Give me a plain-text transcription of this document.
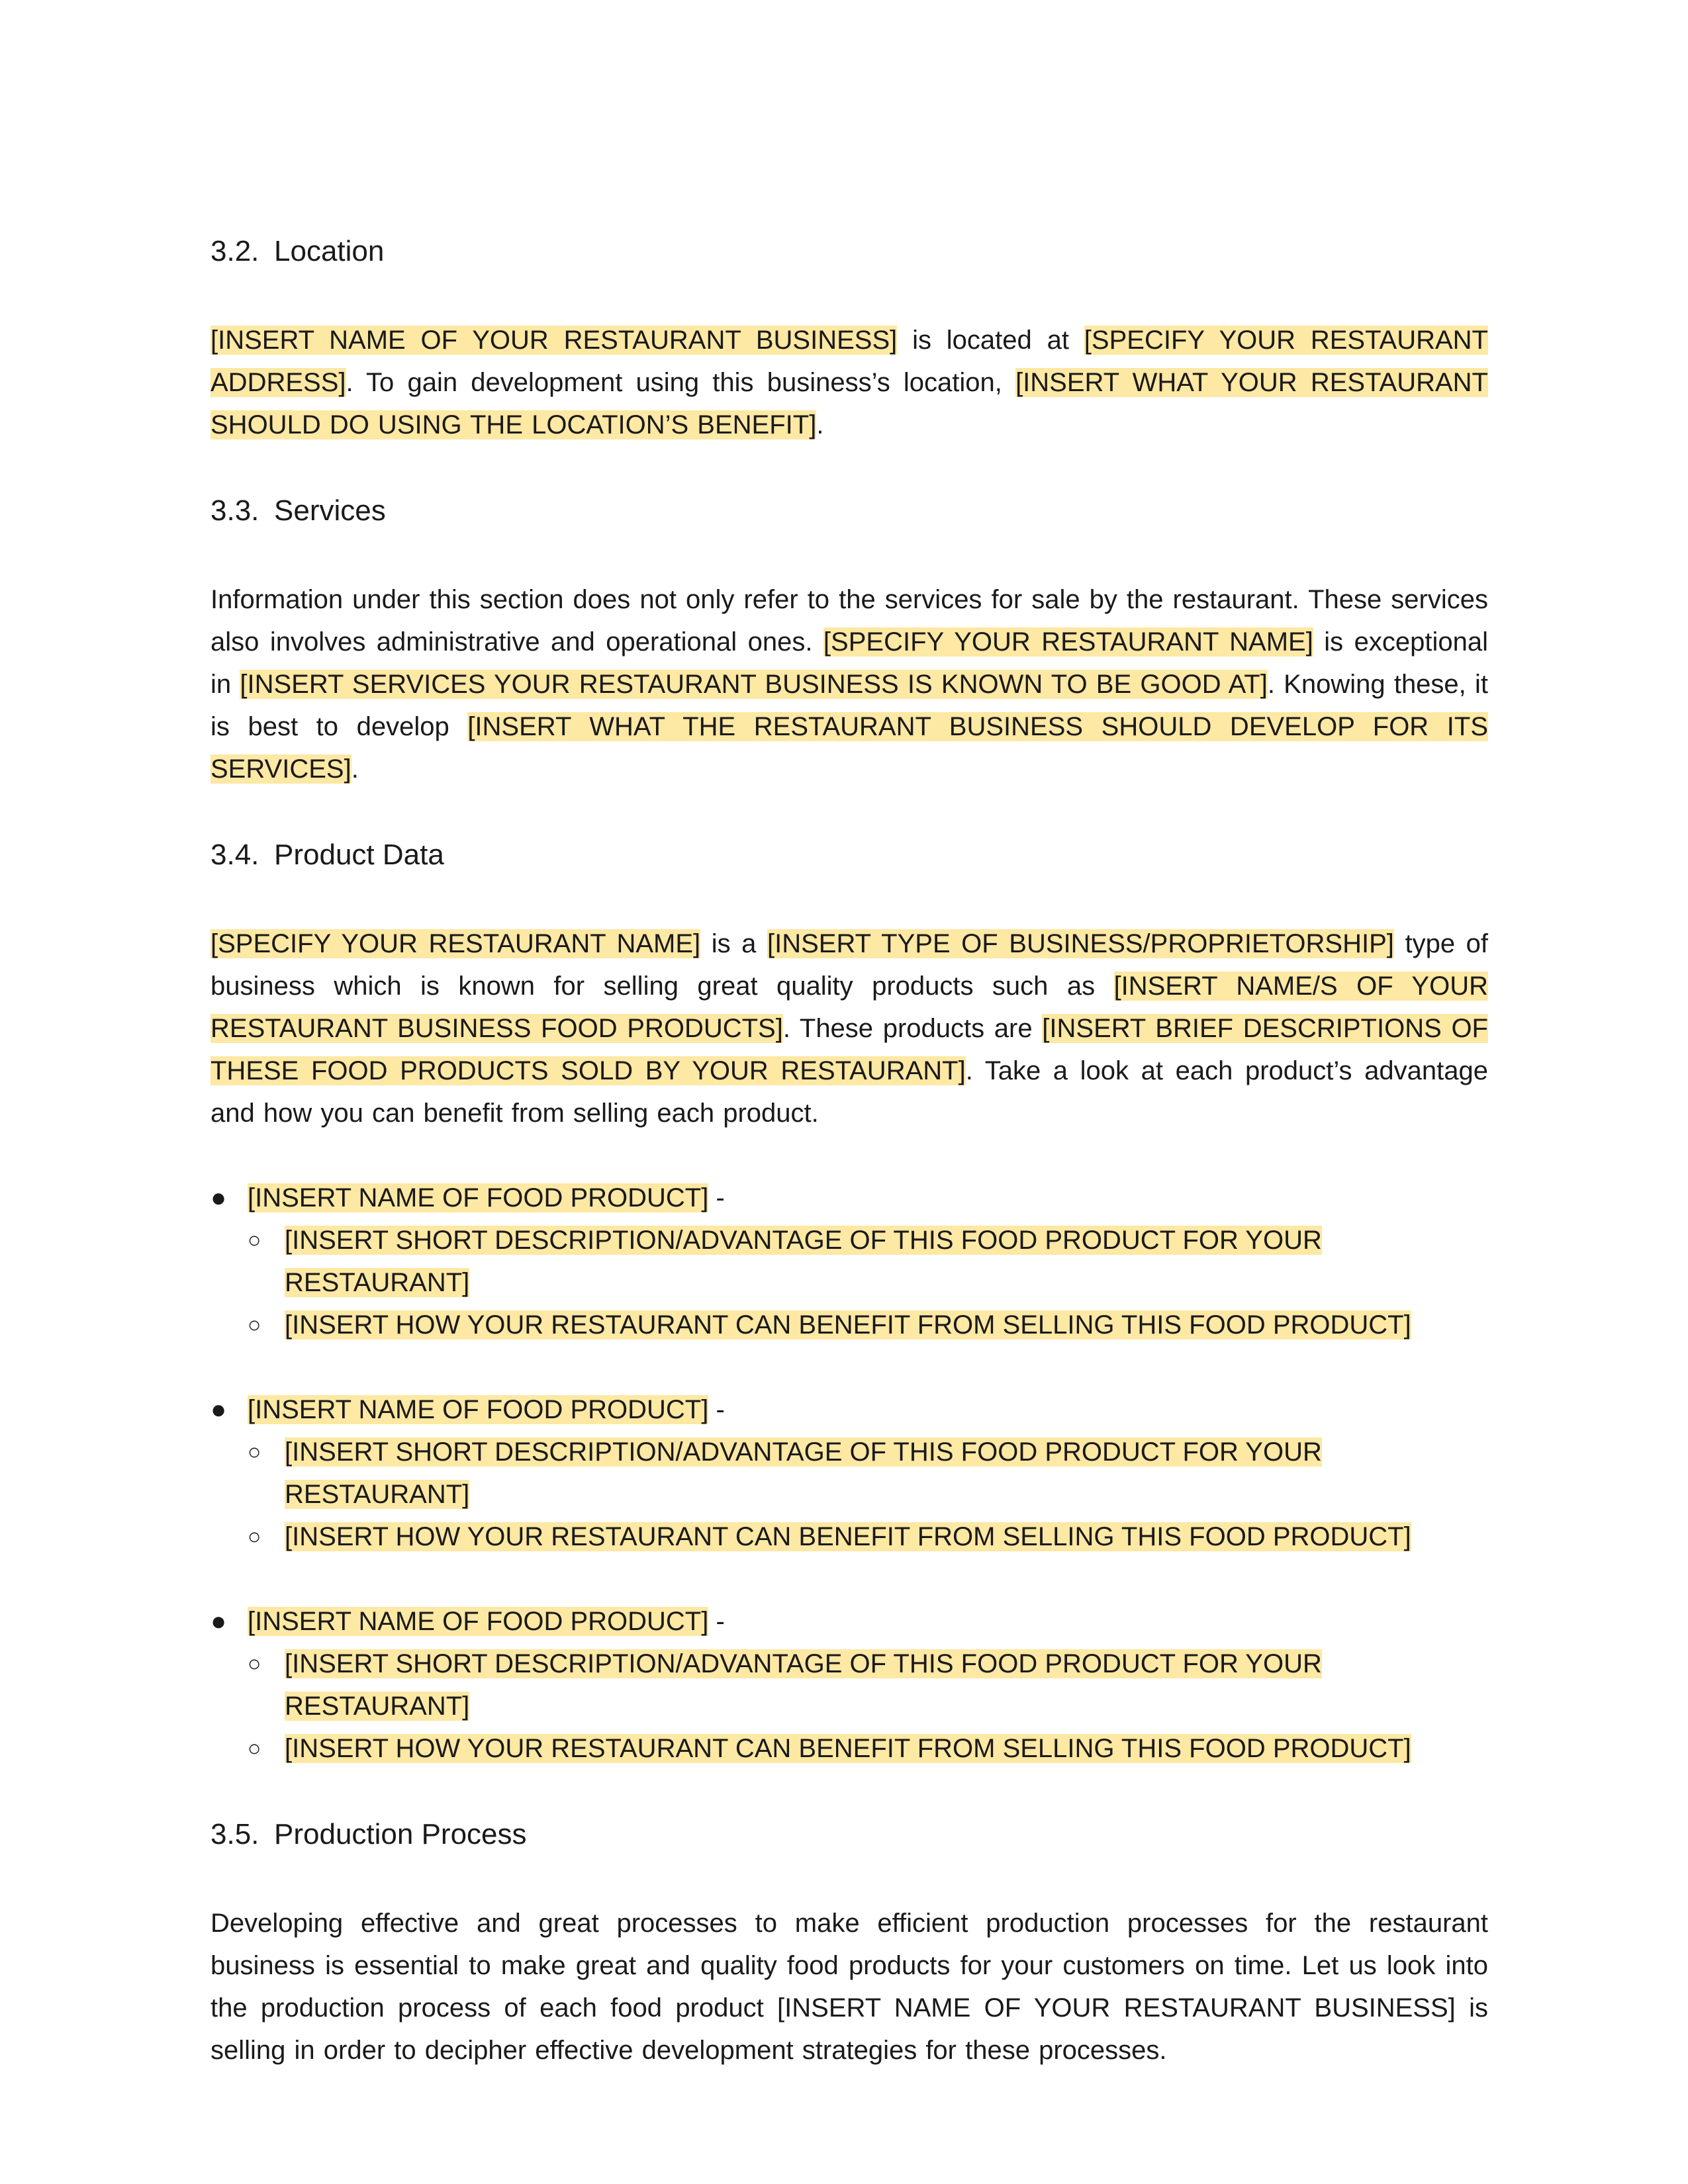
3.2. Location

[INSERT NAME OF YOUR RESTAURANT BUSINESS] is located at [SPECIFY YOUR RESTAURANT ADDRESS]. To gain development using this business’s location, [INSERT WHAT YOUR RESTAURANT SHOULD DO USING THE LOCATION’S BENEFIT].

3.3. Services

Information under this section does not only refer to the services for sale by the restaurant. These services also involves administrative and operational ones. [SPECIFY YOUR RESTAURANT NAME] is exceptional in [INSERT SERVICES YOUR RESTAURANT BUSINESS IS KNOWN TO BE GOOD AT]. Knowing these, it is best to develop [INSERT WHAT THE RESTAURANT BUSINESS SHOULD DEVELOP FOR ITS SERVICES].

3.4. Product Data

[SPECIFY YOUR RESTAURANT NAME] is a [INSERT TYPE OF BUSINESS/PROPRIETORSHIP] type of business which is known for selling great quality products such as [INSERT NAME/S OF YOUR RESTAURANT BUSINESS FOOD PRODUCTS]. These products are [INSERT BRIEF DESCRIPTIONS OF THESE FOOD PRODUCTS SOLD BY YOUR RESTAURANT]. Take a look at each product’s advantage and how you can benefit from selling each product.

● [INSERT NAME OF FOOD PRODUCT] -

○ [INSERT SHORT DESCRIPTION/ADVANTAGE OF THIS FOOD PRODUCT FOR YOUR RESTAURANT]

○ [INSERT HOW YOUR RESTAURANT CAN BENEFIT FROM SELLING THIS FOOD PRODUCT]

● [INSERT NAME OF FOOD PRODUCT] -

○ [INSERT SHORT DESCRIPTION/ADVANTAGE OF THIS FOOD PRODUCT FOR YOUR RESTAURANT]

○ [INSERT HOW YOUR RESTAURANT CAN BENEFIT FROM SELLING THIS FOOD PRODUCT]

● [INSERT NAME OF FOOD PRODUCT] -

○ [INSERT SHORT DESCRIPTION/ADVANTAGE OF THIS FOOD PRODUCT FOR YOUR RESTAURANT]

○ [INSERT HOW YOUR RESTAURANT CAN BENEFIT FROM SELLING THIS FOOD PRODUCT]

3.5. Production Process

Developing effective and great processes to make efficient production processes for the restaurant business is essential to make great and quality food products for your customers on time. Let us look into the production process of each food product [INSERT NAME OF YOUR RESTAURANT BUSINESS] is selling in order to decipher effective development strategies for these processes.
